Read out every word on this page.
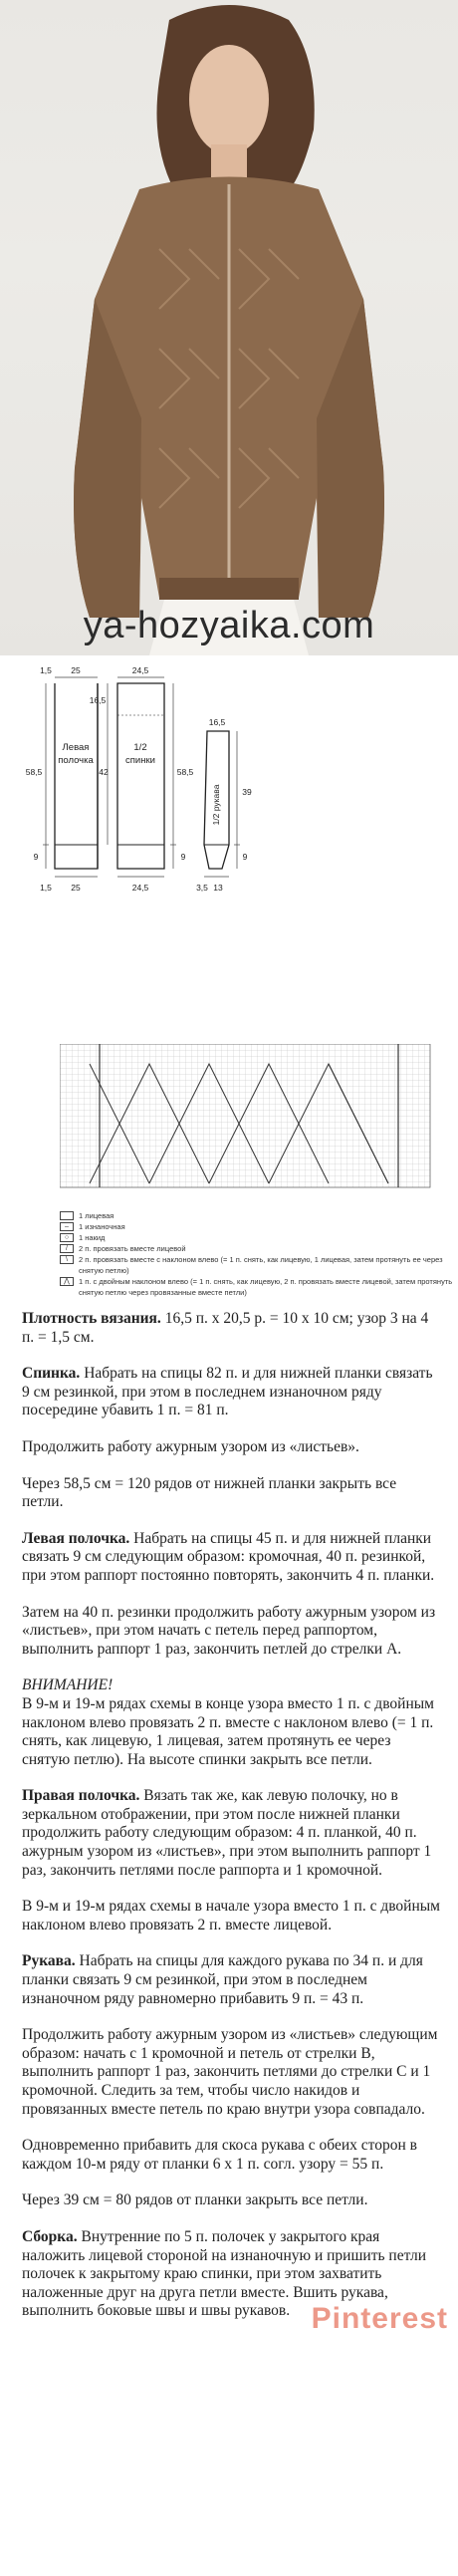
ya-hozyaika.com
Левая
полочка
1/2
спинки
1/2 рукава
1,5 25	24,5
16,5
58,5	42
9
58,5
9
16,5
39
9
1,5 25	24,5	3,5 13
1 лицевая
–	1 изнаночная
○	1 накид
/	2 п. провязать вместе лицевой
\	2 п. провязать вместе с наклоном влево (= 1 п. снять, как лицевую, 1 лицевая, затем протянуть ее через снятую петлю)
⋀	1 п. с двойным наклоном влево (= 1 п. снять, как лицевую, 2 п. провязать вместе лицевой, затем протянуть снятую петлю через провязанные вместе петли)

Плотность вязания. 16,5 п. х 20,5 р. = 10 х 10 см; узор 3 на 4 п. = 1,5 см.

Спинка. Набрать на спицы 82 п. и для нижней планки связать 9 см резинкой, при этом в последнем изнаночном ряду посередине убавить 1 п. = 81 п.

Продолжить работу ажурным узором из «листьев».

Через 58,5 см = 120 рядов от нижней планки закрыть все петли.

Левая полочка. Набрать на спицы 45 п. и для нижней планки связать 9 см следующим образом: кромочная, 40 п. резинкой, при этом раппорт постоянно повторять, закончить 4 п. планки.

Затем на 40 п. резинки продолжить работу ажурным узором из «листьев», при этом начать с петель перед раппортом, выполнить раппорт 1 раз, закончить петлей до стрелки А.

ВНИМАНИЕ!
В 9-м и 19-м рядах схемы в конце узора вместо 1 п. с двойным наклоном влево провязать 2 п. вместе с наклоном влево (= 1 п. снять, как лицевую, 1 лицевая, затем протянуть ее через снятую петлю). На высоте спинки закрыть все петли.

Правая полочка. Вязать так же, как левую полочку, но в зеркальном отображении, при этом после нижней планки продолжить работу следующим образом: 4 п. планкой, 40 п. ажурным узором из «листьев», при этом выполнить раппорт 1 раз, закончить петлями после раппорта и 1 кромочной.

В 9-м и 19-м рядах схемы в начале узора вместо 1 п. с двойным наклоном влево провязать 2 п. вместе лицевой.

Рукава. Набрать на спицы для каждого рукава по 34 п. и для планки связать 9 см резинкой, при этом в последнем изнаночном ряду равномерно прибавить 9 п. = 43 п.

Продолжить работу ажурным узором из «листьев» следующим образом: начать с 1 кромочной и петель от стрелки В, выполнить раппорт 1 раз, закончить петлями до стрелки С и 1 кромочной. Следить за тем, чтобы число накидов и провязанных вместе петель по краю внутри узора совпадало.

Одновременно прибавить для скоса рукава с обеих сторон в каждом 10-м ряду от планки 6 х 1 п. согл. узору = 55 п.

Через 39 см = 80 рядов от планки закрыть все петли.

Сборка. Внутренние по 5 п. полочек у закрытого края наложить лицевой стороной на изнаночную и пришить петли полочек к закрытому краю спинки, при этом захватить наложенные друг на друга петли вместе. Вшить рукава, выполнить боковые швы и швы рукавов. Pinterest
